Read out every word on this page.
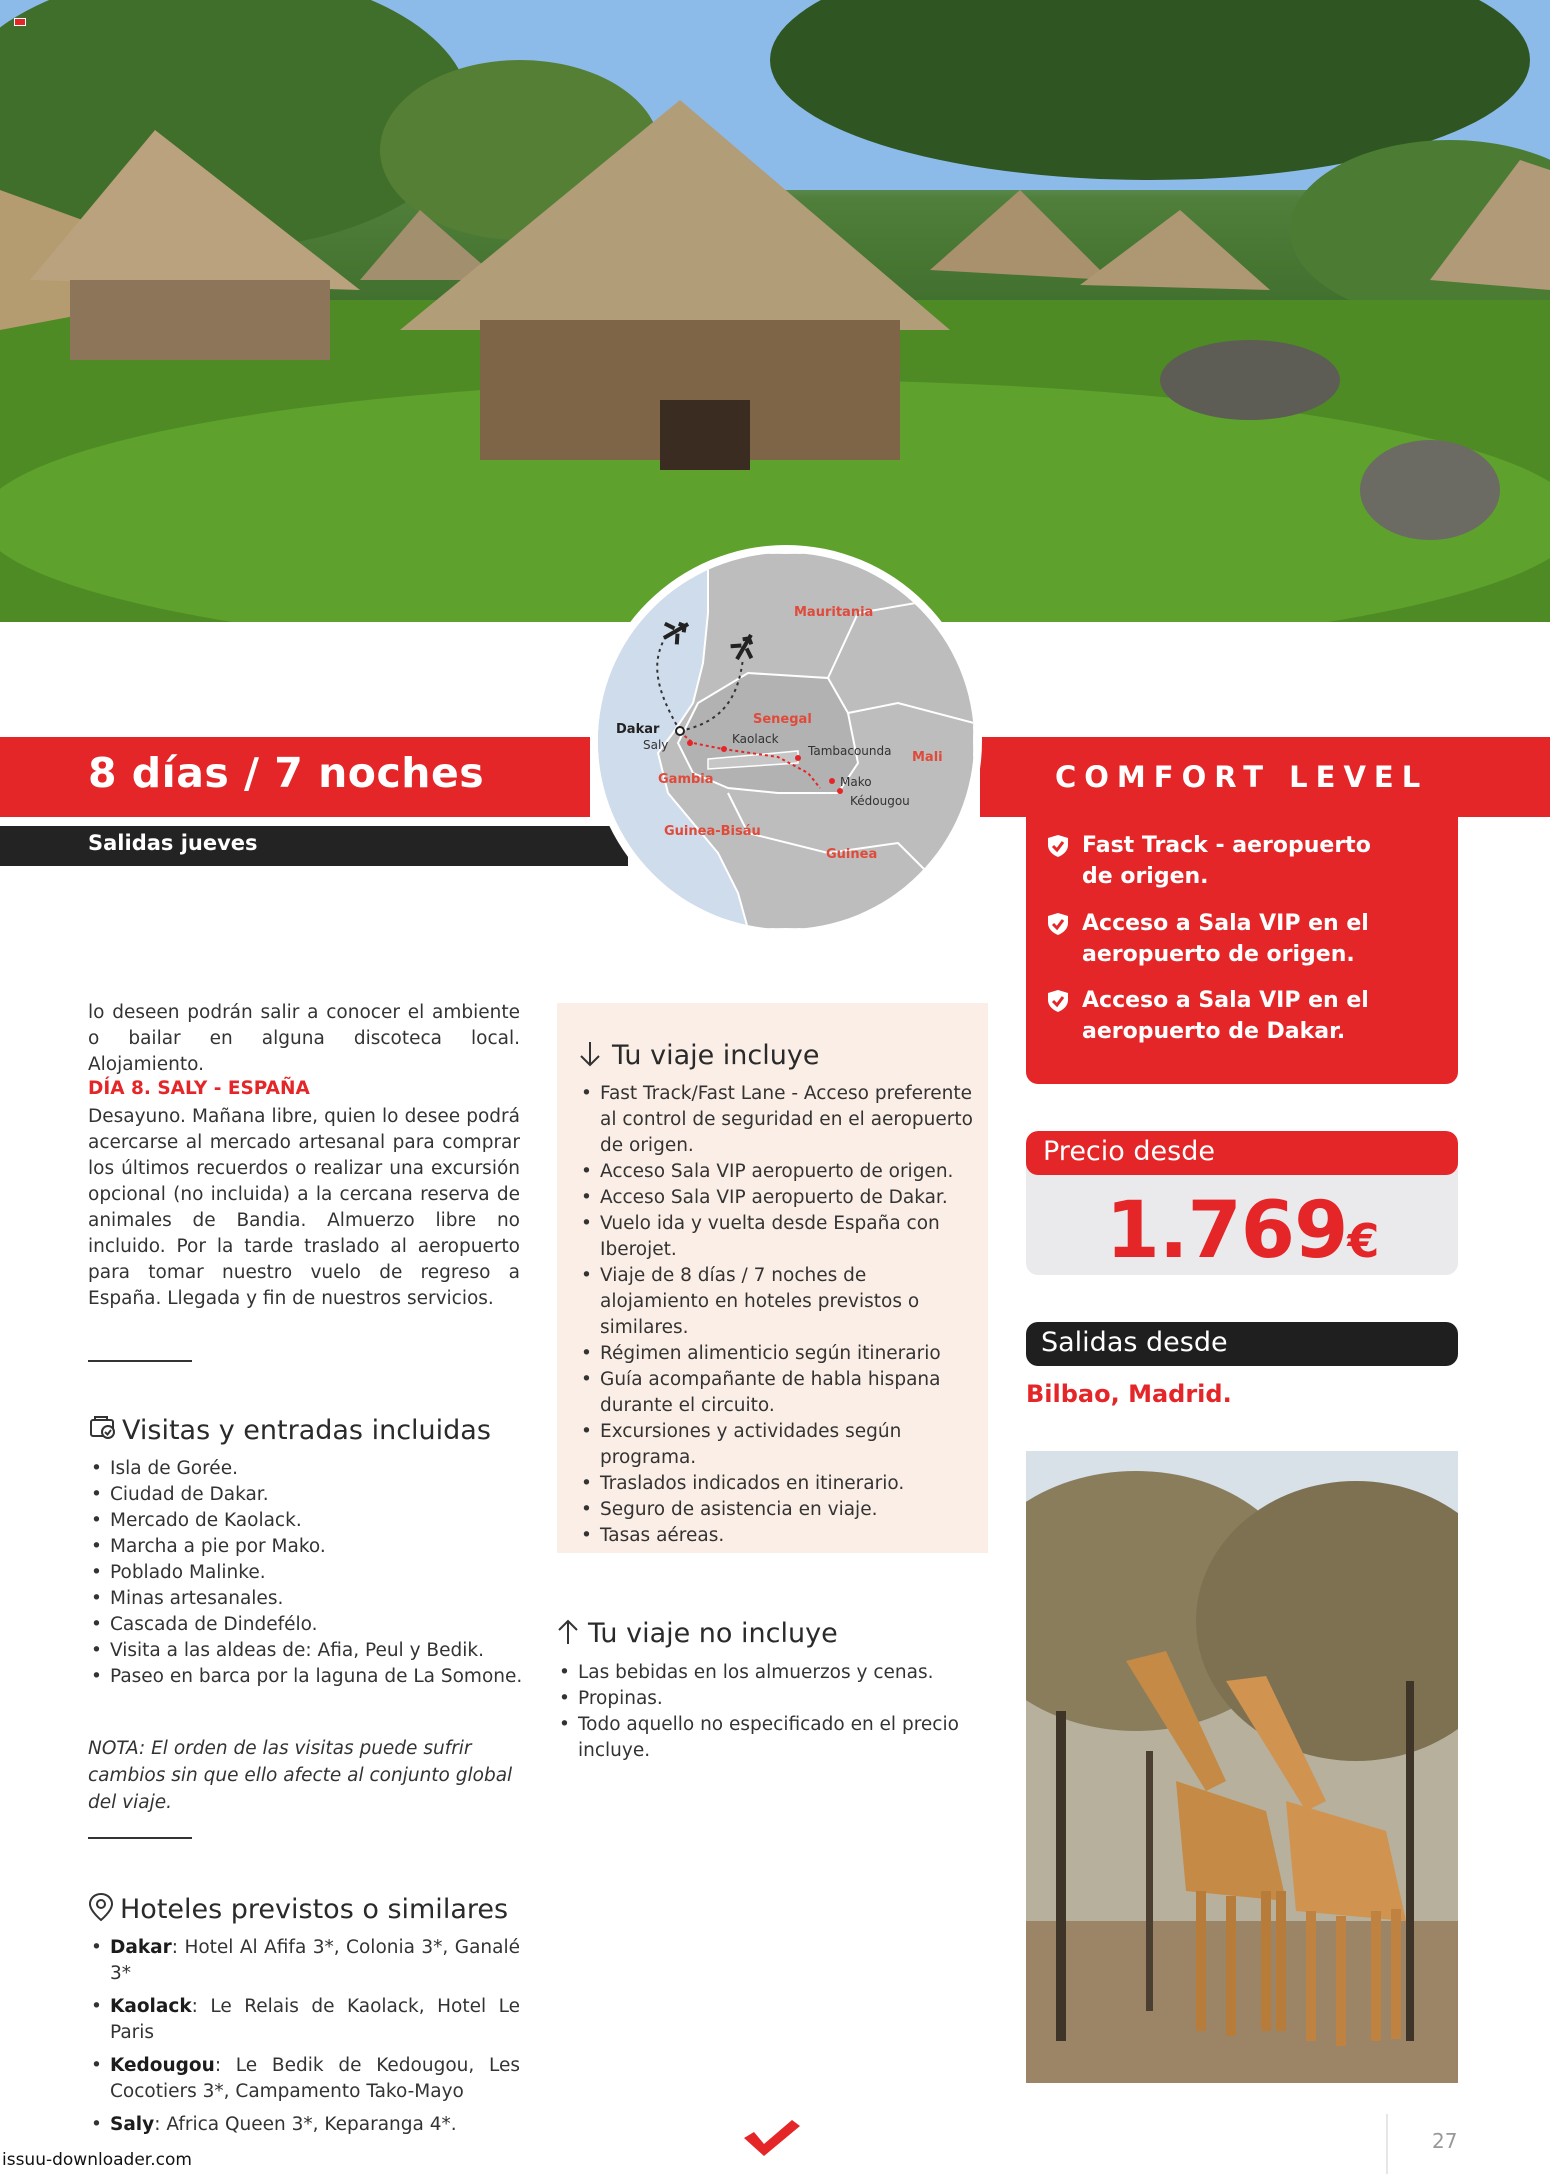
8 días / 7 noches
Salidas jueves
COMFORT LEVEL
Fast Track - aeropuerto
de origen.
Acceso a Sala VIP en el
aeropuerto de origen.
Acceso a Sala VIP en el
aeropuerto de Dakar.
Mauritania
Senegal
Mali
Gambia
Guinea-Bisáu
Guinea
Dakar
Saly	Kaolack
Tambacounda
Mako
Kédougou
lo deseen podrán salir a conocer el ambiente o bailar en alguna discoteca local. Alojamiento.
DÍA 8. SALY - ESPAÑA
Desayuno. Mañana libre, quien lo desee podrá acercarse al mercado artesanal para comprar los últimos recuerdos o realizar una excursión opcional (no incluida) a la cercana reserva de animales de Bandia. Almuerzo libre no incluido. Por la tarde traslado al aeropuerto para tomar nuestro vuelo de regreso a España. Llegada y fin de nuestros servicios.
Visitas y entradas incluidas
• Isla de Gorée.
• Ciudad de Dakar.
• Mercado de Kaolack.
• Marcha a pie por Mako.
• Poblado Malinke.
• Minas artesanales.
• Cascada de Dindefélo.
• Visita a las aldeas de: Afia, Peul y Bedik.
• Paseo en barca por la laguna de La Somone.
NOTA: El orden de las visitas puede sufrir cambios sin que ello afecte al conjunto global del viaje.
Hoteles previstos o similares
• Dakar: Hotel Al Afifa 3*, Colonia 3*, Ganalé 3*
• Kaolack: Le Relais de Kaolack, Hotel Le Paris
• Kedougou: Le Bedik de Kedougou, Les Cocotiers 3*, Campamento Tako-Mayo
• Saly: Africa Queen 3*, Keparanga 4*.
Tu viaje incluye
• Fast Track/Fast Lane - Acceso preferente al control de seguridad en el aeropuerto de origen.
• Acceso Sala VIP aeropuerto de origen.
• Acceso Sala VIP aeropuerto de Dakar.
• Vuelo ida y vuelta desde España con Iberojet.
• Viaje de 8 días / 7 noches de alojamiento en hoteles previstos o similares.
• Régimen alimenticio según itinerario
• Guía acompañante de habla hispana durante el circuito.
• Excursiones y actividades según programa.
• Traslados indicados en itinerario.
• Seguro de asistencia en viaje.
• Tasas aéreas.
Tu viaje no incluye
• Las bebidas en los almuerzos y cenas.
• Propinas.
• Todo aquello no especificado en el precio incluye.
Precio desde
1.769€
Salidas desde
Bilbao, Madrid.
27
issuu-downloader.com
